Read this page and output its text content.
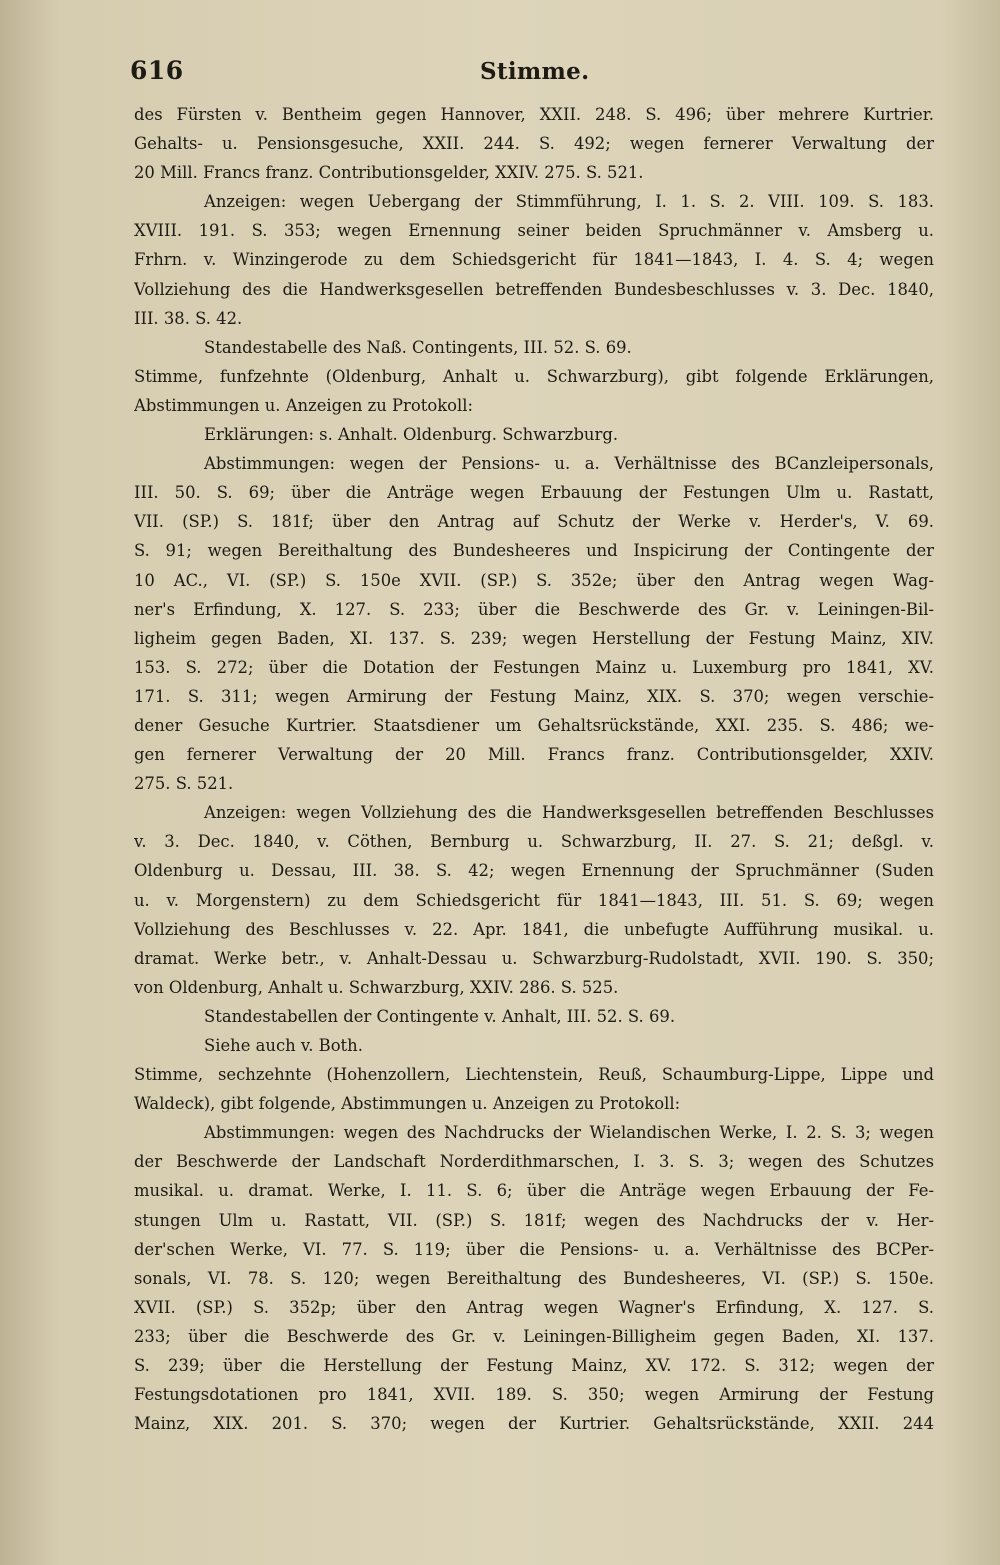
616	Stimme.
des Fürsten v. Bentheim gegen Hannover, XXII. 248. S. 496; über mehrere Kurtrier.
Gehalts- u. Pensionsgesuche, XXII. 244. S. 492; wegen fernerer Verwaltung der
20 Mill. Francs franz. Contributionsgelder, XXIV. 275. S. 521.
Anzeigen: wegen Uebergang der Stimmführung, I. 1. S. 2. VIII. 109. S. 183.
XVIII. 191. S. 353; wegen Ernennung seiner beiden Spruchmänner v. Amsberg u.
Frhrn. v. Winzingerode zu dem Schiedsgericht für 1841—1843, I. 4. S. 4; wegen
Vollziehung des die Handwerksgesellen betreffenden Bundesbeschlusses v. 3. Dec. 1840,
III. 38. S. 42.
Standestabelle des Naß. Contingents, III. 52. S. 69.
Stimme, funfzehnte (Oldenburg, Anhalt u. Schwarzburg), gibt folgende Erklärungen,
Abstimmungen u. Anzeigen zu Protokoll:
Erklärungen: s. Anhalt. Oldenburg. Schwarzburg.
Abstimmungen: wegen der Pensions- u. a. Verhältnisse des BCanzleipersonals,
III. 50. S. 69; über die Anträge wegen Erbauung der Festungen Ulm u. Rastatt,
VII. (SP.) S. 181f; über den Antrag auf Schutz der Werke v. Herder's, V. 69.
S. 91; wegen Bereithaltung des Bundesheeres und Inspicirung der Contingente der
10 AC., VI. (SP.) S. 150e XVII. (SP.) S. 352e; über den Antrag wegen Wag-
ner's Erfindung, X. 127. S. 233; über die Beschwerde des Gr. v. Leiningen-Bil-
ligheim gegen Baden, XI. 137. S. 239; wegen Herstellung der Festung Mainz, XIV.
153. S. 272; über die Dotation der Festungen Mainz u. Luxemburg pro 1841, XV.
171. S. 311; wegen Armirung der Festung Mainz, XIX. S. 370; wegen verschie-
dener Gesuche Kurtrier. Staatsdiener um Gehaltsrückstände, XXI. 235. S. 486; we-
gen fernerer Verwaltung der 20 Mill. Francs franz. Contributionsgelder, XXIV.
275. S. 521.
Anzeigen: wegen Vollziehung des die Handwerksgesellen betreffenden Beschlusses
v. 3. Dec. 1840, v. Cöthen, Bernburg u. Schwarzburg, II. 27. S. 21; deßgl. v.
Oldenburg u. Dessau, III. 38. S. 42; wegen Ernennung der Spruchmänner (Suden
u. v. Morgenstern) zu dem Schiedsgericht für 1841—1843, III. 51. S. 69; wegen
Vollziehung des Beschlusses v. 22. Apr. 1841, die unbefugte Aufführung musikal. u.
dramat. Werke betr., v. Anhalt-Dessau u. Schwarzburg-Rudolstadt, XVII. 190. S. 350;
von Oldenburg, Anhalt u. Schwarzburg, XXIV. 286. S. 525.
Standestabellen der Contingente v. Anhalt, III. 52. S. 69.
Siehe auch v. Both.
Stimme, sechzehnte (Hohenzollern, Liechtenstein, Reuß, Schaumburg-Lippe, Lippe und
Waldeck), gibt folgende, Abstimmungen u. Anzeigen zu Protokoll:
Abstimmungen: wegen des Nachdrucks der Wielandischen Werke, I. 2. S. 3; wegen
der Beschwerde der Landschaft Norderdithmarschen, I. 3. S. 3; wegen des Schutzes
musikal. u. dramat. Werke, I. 11. S. 6; über die Anträge wegen Erbauung der Fe-
stungen Ulm u. Rastatt, VII. (SP.) S. 181f; wegen des Nachdrucks der v. Her-
der'schen Werke, VI. 77. S. 119; über die Pensions- u. a. Verhältnisse des BCPer-
sonals, VI. 78. S. 120; wegen Bereithaltung des Bundesheeres, VI. (SP.) S. 150e.
XVII. (SP.) S. 352p; über den Antrag wegen Wagner's Erfindung, X. 127. S.
233; über die Beschwerde des Gr. v. Leiningen-Billigheim gegen Baden, XI. 137.
S. 239; über die Herstellung der Festung Mainz, XV. 172. S. 312; wegen der
Festungsdotationen pro 1841, XVII. 189. S. 350; wegen Armirung der Festung
Mainz, XIX. 201. S. 370; wegen der Kurtrier. Gehaltsrückstände, XXII. 244
